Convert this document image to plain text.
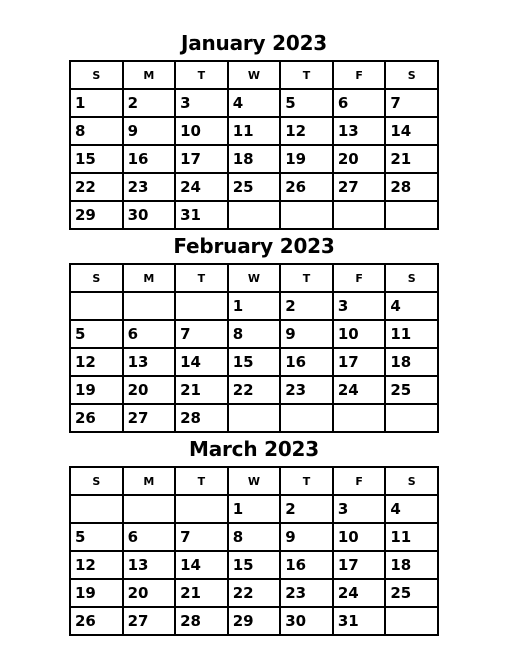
January 2023
S	M	T	W	T	F	S
1	2	3	4	5	6	7
8	9	10	11	12	13	14
15	16	17	18	19	20	21
22	23	24	25	26	27	28
29	30	31				
February 2023
S	M	T	W	T	F	S
			1	2	3	4
5	6	7	8	9	10	11
12	13	14	15	16	17	18
19	20	21	22	23	24	25
26	27	28				
March 2023
S	M	T	W	T	F	S
			1	2	3	4
5	6	7	8	9	10	11
12	13	14	15	16	17	18
19	20	21	22	23	24	25
26	27	28	29	30	31	
